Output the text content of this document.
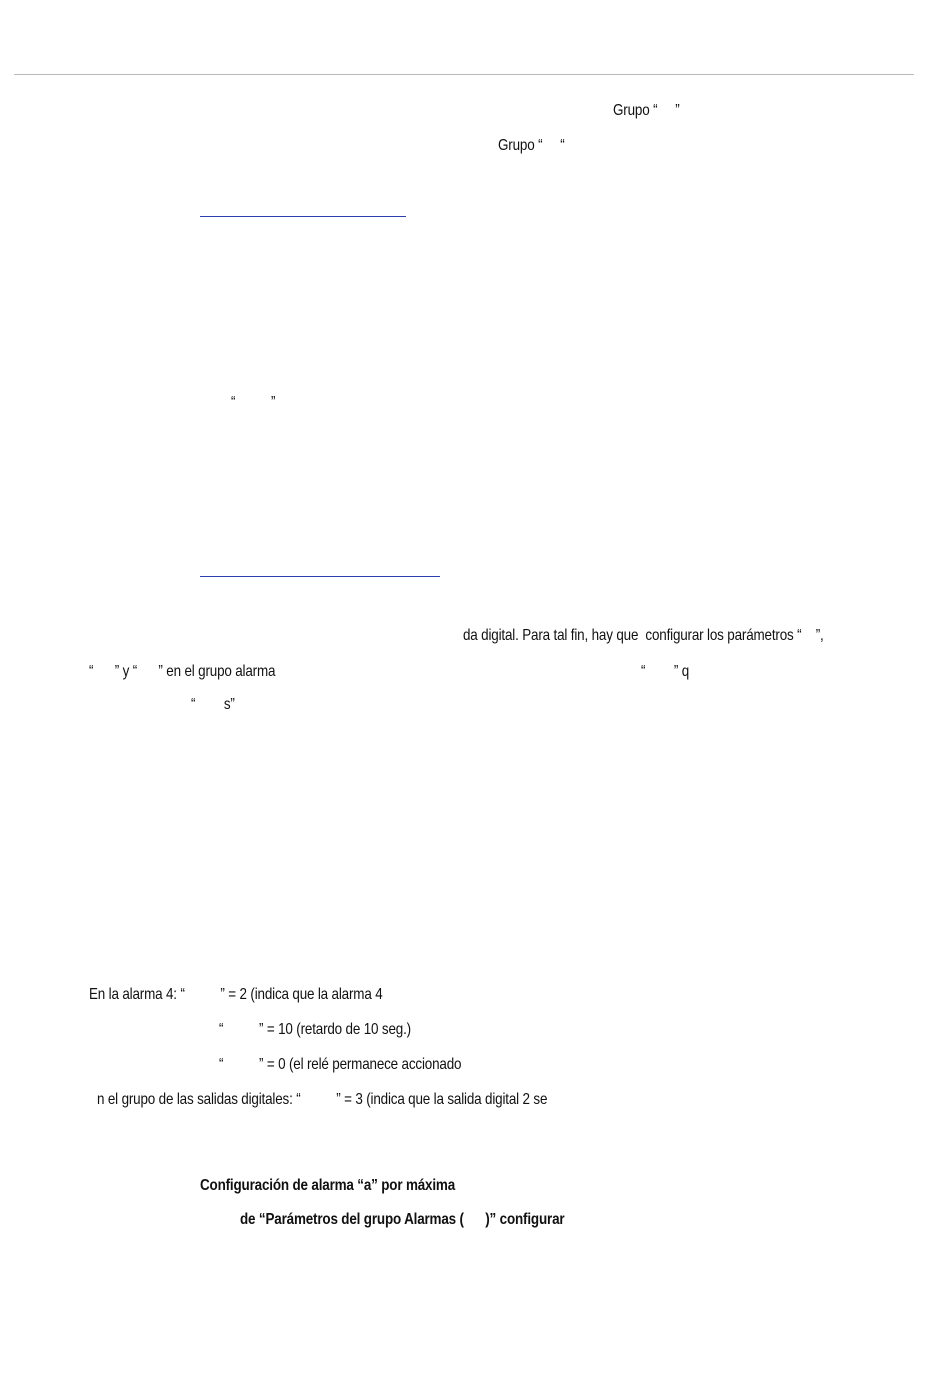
Grupo “     ”
Grupo “     “
“          ”
da digital. Para tal fin, hay que  configurar los parámetros “    ”,
“      ” y “      ” en el grupo alarma	“        ” q
“        s”
En la alarma 4: “          ” = 2 (indica que la alarma 4
“          ” = 10 (retardo de 10 seg.)
“          ” = 0 (el relé permanece accionado
n el grupo de las salidas digitales: “          ” = 3 (indica que la salida digital 2 se
Configuración de alarma “a” por máxima
de “Parámetros del grupo Alarmas (      )” configurar
